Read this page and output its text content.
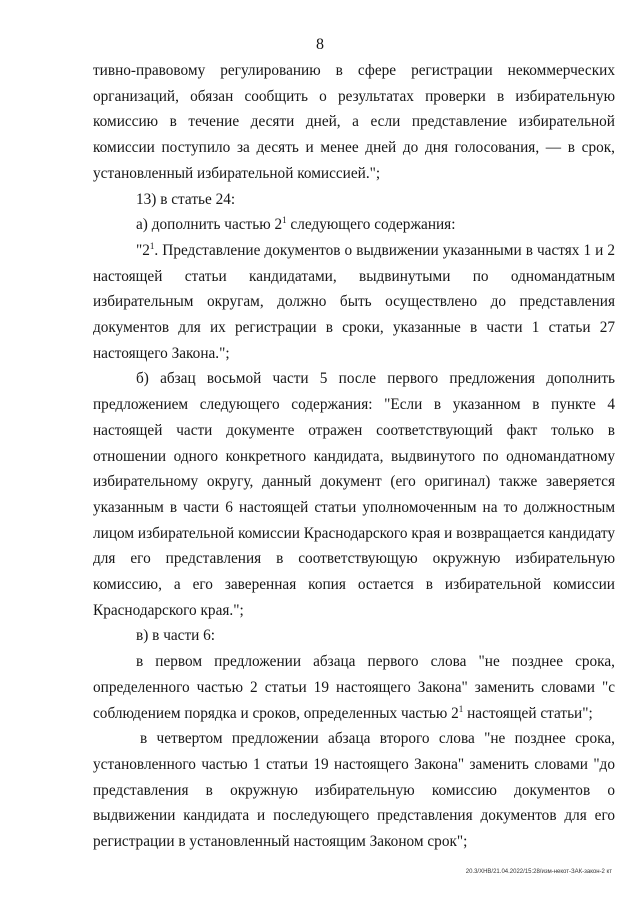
8

тивно-правовому регулированию в сфере регистрации некоммерческих организаций, обязан сообщить о результатах проверки в избирательную комиссию в течение десяти дней, а если представление избирательной комиссии поступило за десять и менее дней до дня голосования, — в срок, установленный избирательной комиссией.";

13) в статье 24:

а) дополнить частью $2^1$ следующего содержания:

"$2^1$. Представление документов о выдвижении указанными в частях 1 и 2 настоящей статьи кандидатами, выдвинутыми по одномандатным избирательным округам, должно быть осуществлено до представления документов для их регистрации в сроки, указанные в части 1 статьи 27 настоящего Закона.";

б) абзац восьмой части 5 после первого предложения дополнить предложением следующего содержания: "Если в указанном в пункте 4 настоящей части документе отражен соответствующий факт только в отношении одного конкретного кандидата, выдвинутого по одномандатному избирательному округу, данный документ (его оригинал) также заверяется указанным в части 6 настоящей статьи уполномоченным на то должностным лицом избирательной комиссии Краснодарского края и возвращается кандидату для его представления в соответствующую окружную избирательную комиссию, а его заверенная копия остается в избирательной комиссии Краснодарского края.";

в) в части 6:

в первом предложении абзаца первого слова "не позднее срока, определенного частью 2 статьи 19 настоящего Закона" заменить словами "с соблюдением порядка и сроков, определенных частью $2^1$ настоящей статьи";

в четвертом предложении абзаца второго слова "не позднее срока, установленного частью 1 статьи 19 настоящего Закона" заменить словами "до представления в окружную избирательную комиссию документов о выдвижении кандидата и последующего представления документов для его регистрации в установленный настоящим Законом срок";

20.3/ХНВ/21.04.2022/15:28/изм-некот-ЗАК-закон-2 кт
